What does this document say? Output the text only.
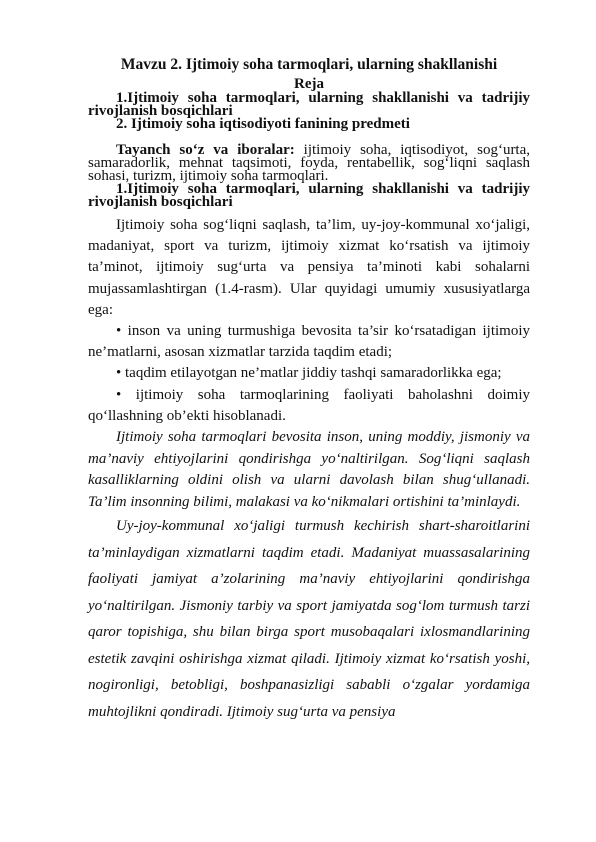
Mavzu 2. Ijtimoiy soha tarmoqlari, ularning shakllanishi
Reja

1.Ijtimoiy soha tarmoqlari, ularning shakllanishi va tadrijiy rivojlanish bosqichlari

2. Ijtimoiy soha iqtisodiyoti fanining predmeti

Tayanch so‘z va iboralar: ijtimoiy soha, iqtisodiyot, sog‘urta, samaradorlik, mehnat taqsimoti, foyda, rentabellik, sog‘liqni saqlash sohasi, turizm, ijtimoiy soha tarmoqlari.

1.Ijtimoiy soha tarmoqlari, ularning shakllanishi va tadrijiy rivojlanish bosqichlari

Ijtimoiy soha sog‘liqni saqlash, ta’lim, uy-joy-kommunal xo‘jaligi, madaniyat, sport va turizm, ijtimoiy xizmat ko‘rsatish va ijtimoiy ta’minot, ijtimoiy sug‘urta va pensiya ta’minoti kabi sohalarni mujassamlashtirgan (1.4-rasm). Ular quyidagi umumiy xususiyatlarga ega:

• inson va uning turmushiga bevosita ta’sir ko‘rsatadigan ijtimoiy ne’matlarni, asosan xizmatlar tarzida taqdim etadi;

• taqdim etilayotgan ne’matlar jiddiy tashqi samaradorlikka ega;

• ijtimoiy soha tarmoqlarining faoliyati baholashni doimiy qo‘llashning ob’ekti hisoblanadi.

Ijtimoiy soha tarmoqlari bevosita inson, uning moddiy, jismoniy va ma’naviy ehtiyojlarini qondirishga yo‘naltirilgan. Sog‘liqni saqlash kasalliklarning oldini olish va ularni davolash bilan shug‘ullanadi. Ta’lim insonning bilimi, malakasi va ko‘nikmalari ortishini ta’minlaydi.

Uy-joy-kommunal xo‘jaligi turmush kechirish shart-sharoitlarini ta’minlaydigan xizmatlarni taqdim etadi. Madaniyat muassasalarining faoliyati jamiyat a’zolarining ma’naviy ehtiyojlarini qondirishga yo‘naltirilgan. Jismoniy tarbiy va sport jamiyatda sog‘lom turmush tarzi qaror topishiga, shu bilan birga sport musobaqalari ixlosmandlarining estetik zavqini oshirishga xizmat qiladi. Ijtimoiy xizmat ko‘rsatish yoshi, nogironligi, betobligi, boshpanasizligi sababli o‘zgalar yordamiga muhtojlikni qondiradi. Ijtimoiy sug‘urta va pensiya
